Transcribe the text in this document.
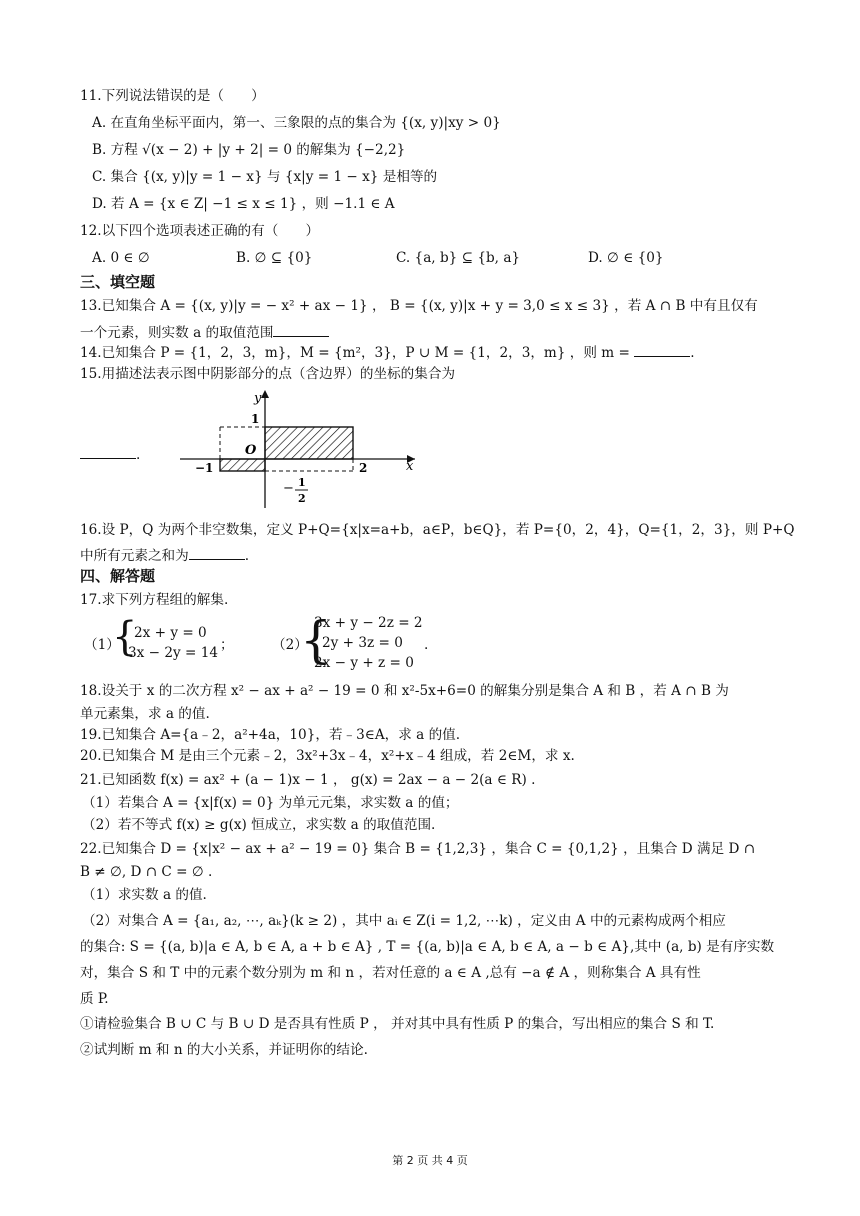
11.下列说法错误的是（　　）
A. 在直角坐标平面内，第一、三象限的点的集合为 {(x, y)|xy > 0}
B. 方程 √(x − 2) + |y + 2| = 0 的解集为 {−2,2}
C. 集合 {(x, y)|y = 1 − x} 与 {x|y = 1 − x} 是相等的
D. 若 A = {x ∈ Z| −1 ≤ x ≤ 1} ，则 −1.1 ∈ A
12.以下四个选项表述正确的有（　　）
A. 0 ∈ ∅	B. ∅ ⊆ {0}	C. {a, b} ⊆ {b, a}	D. ∅ ∈ {0}
三、填空题
13.已知集合 A = {(x, y)|y = − x² + ax − 1} ， B = {(x, y)|x + y = 3,0 ≤ x ≤ 3} ，若 A ∩ B 中有且仅有
一个元素，则实数 a 的取值范围
14.已知集合 P = {1，2，3，m}，M = {m²，3}，P ∪ M = {1，2，3，m} ，则 m =	.
15.用描述法表示图中阴影部分的点（含边界）的坐标的集合为
.
y
x
1
O
−1	2
− 1
2
16.设 P，Q 为两个非空数集，定义 P+Q={x|x=a+b，a∈P，b∈Q}，若 P={0，2，4}，Q={1，2，3}，则 P+Q
中所有元素之和为	.
四、解答题
17.求下列方程组的解集.
（1）
{
2x + y = 0
3x − 2y = 14 ；	（2）
{
3x + y − 2z = 2
2y + 3z = 0
2x − y + z = 0
.
18.设关于 x 的二次方程 x² − ax + a² − 19 = 0 和 x²-5x+6=0 的解集分别是集合 A 和 B ，若 A ∩ B 为
单元素集，求 a 的值.
19.已知集合 A={a﹣2，a²+4a，10}，若﹣3∈A，求 a 的值.
20.已知集合 M 是由三个元素﹣2，3x²+3x﹣4，x²+x﹣4 组成，若 2∈M，求 x.
21.已知函数 f(x) = ax² + (a − 1)x − 1 ， g(x) = 2ax − a − 2(a ∈ R) .
（1）若集合 A = {x|f(x) = 0} 为单元元集，求实数 a 的值；
（2）若不等式 f(x) ≥ g(x) 恒成立，求实数 a 的取值范围.
22.已知集合 D = {x|x² − ax + a² − 19 = 0} 集合 B = {1,2,3} ，集合 C = {0,1,2} ，且集合 D 满足 D ∩
B ≠ ∅, D ∩ C = ∅ .
（1）求实数 a 的值.
（2）对集合 A = {a₁, a₂, ⋯, aₖ}(k ≥ 2) ，其中 aᵢ ∈ Z(i = 1,2, ⋯k) ，定义由 A 中的元素构成两个相应
的集合: S = {(a, b)|a ∈ A, b ∈ A, a + b ∈ A} , T = {(a, b)|a ∈ A, b ∈ A, a − b ∈ A},其中 (a, b) 是有序实数
对，集合 S 和 T 中的元素个数分别为 m 和 n ，若对任意的 a ∈ A ,总有 −a ∉ A ，则称集合 A 具有性
质 P.
①请检验集合 B ∪ C 与 B ∪ D 是否具有性质 P ， 并对其中具有性质 P 的集合，写出相应的集合 S 和 T.
②试判断 m 和 n 的大小关系，并证明你的结论.
第 2 页 共 4 页
